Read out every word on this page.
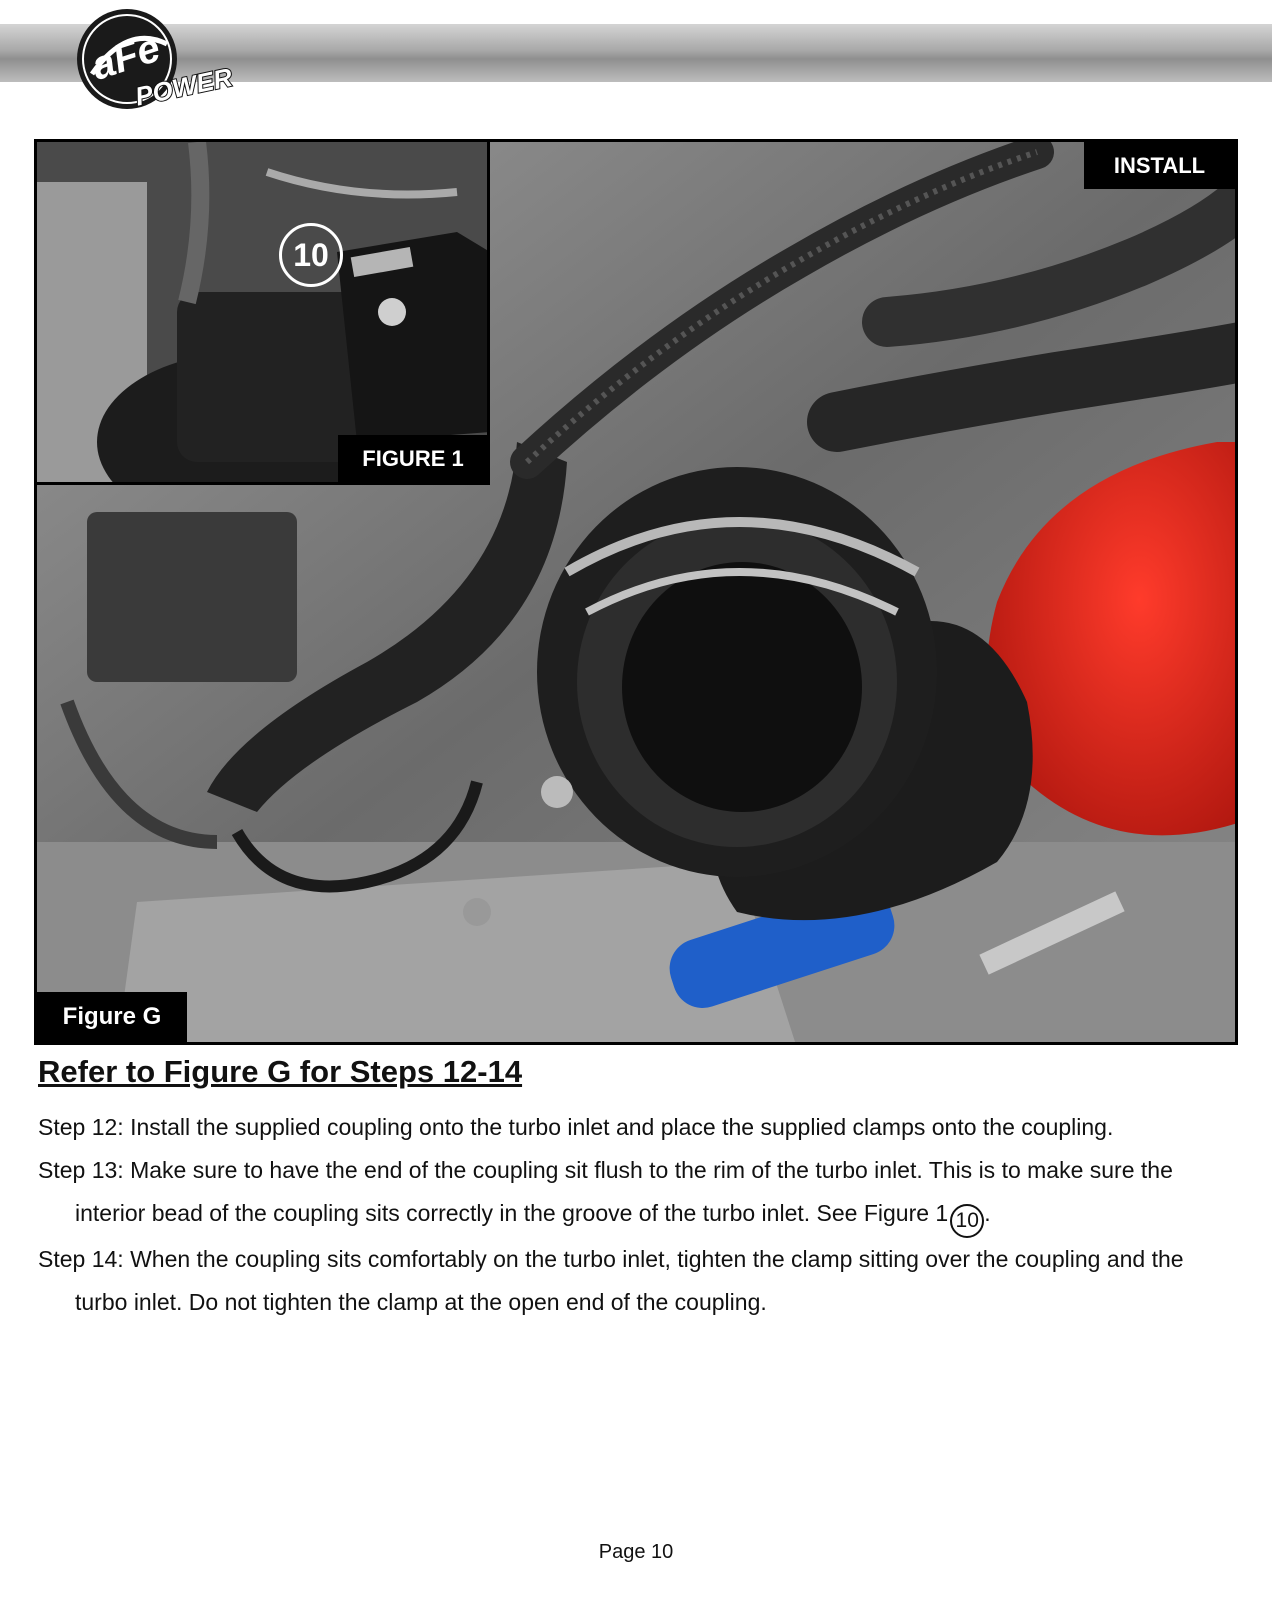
aFe
POWER
10
FIGURE 1
INSTALL
Figure G
Refer to Figure G for Steps 12-14

Step 12: Install the supplied coupling onto the turbo inlet and place the supplied clamps onto the coupling.

Step 13: Make sure to have the end of the coupling sit flush to the rim of the turbo inlet. This is to make sure the interior bead of the coupling sits correctly in the groove of the turbo inlet. See Figure 1 10 .

Step 14: When the coupling sits comfortably on the turbo inlet, tighten the clamp sitting over the coupling and the turbo inlet. Do not tighten the clamp at the open end of the coupling.

Page 10
